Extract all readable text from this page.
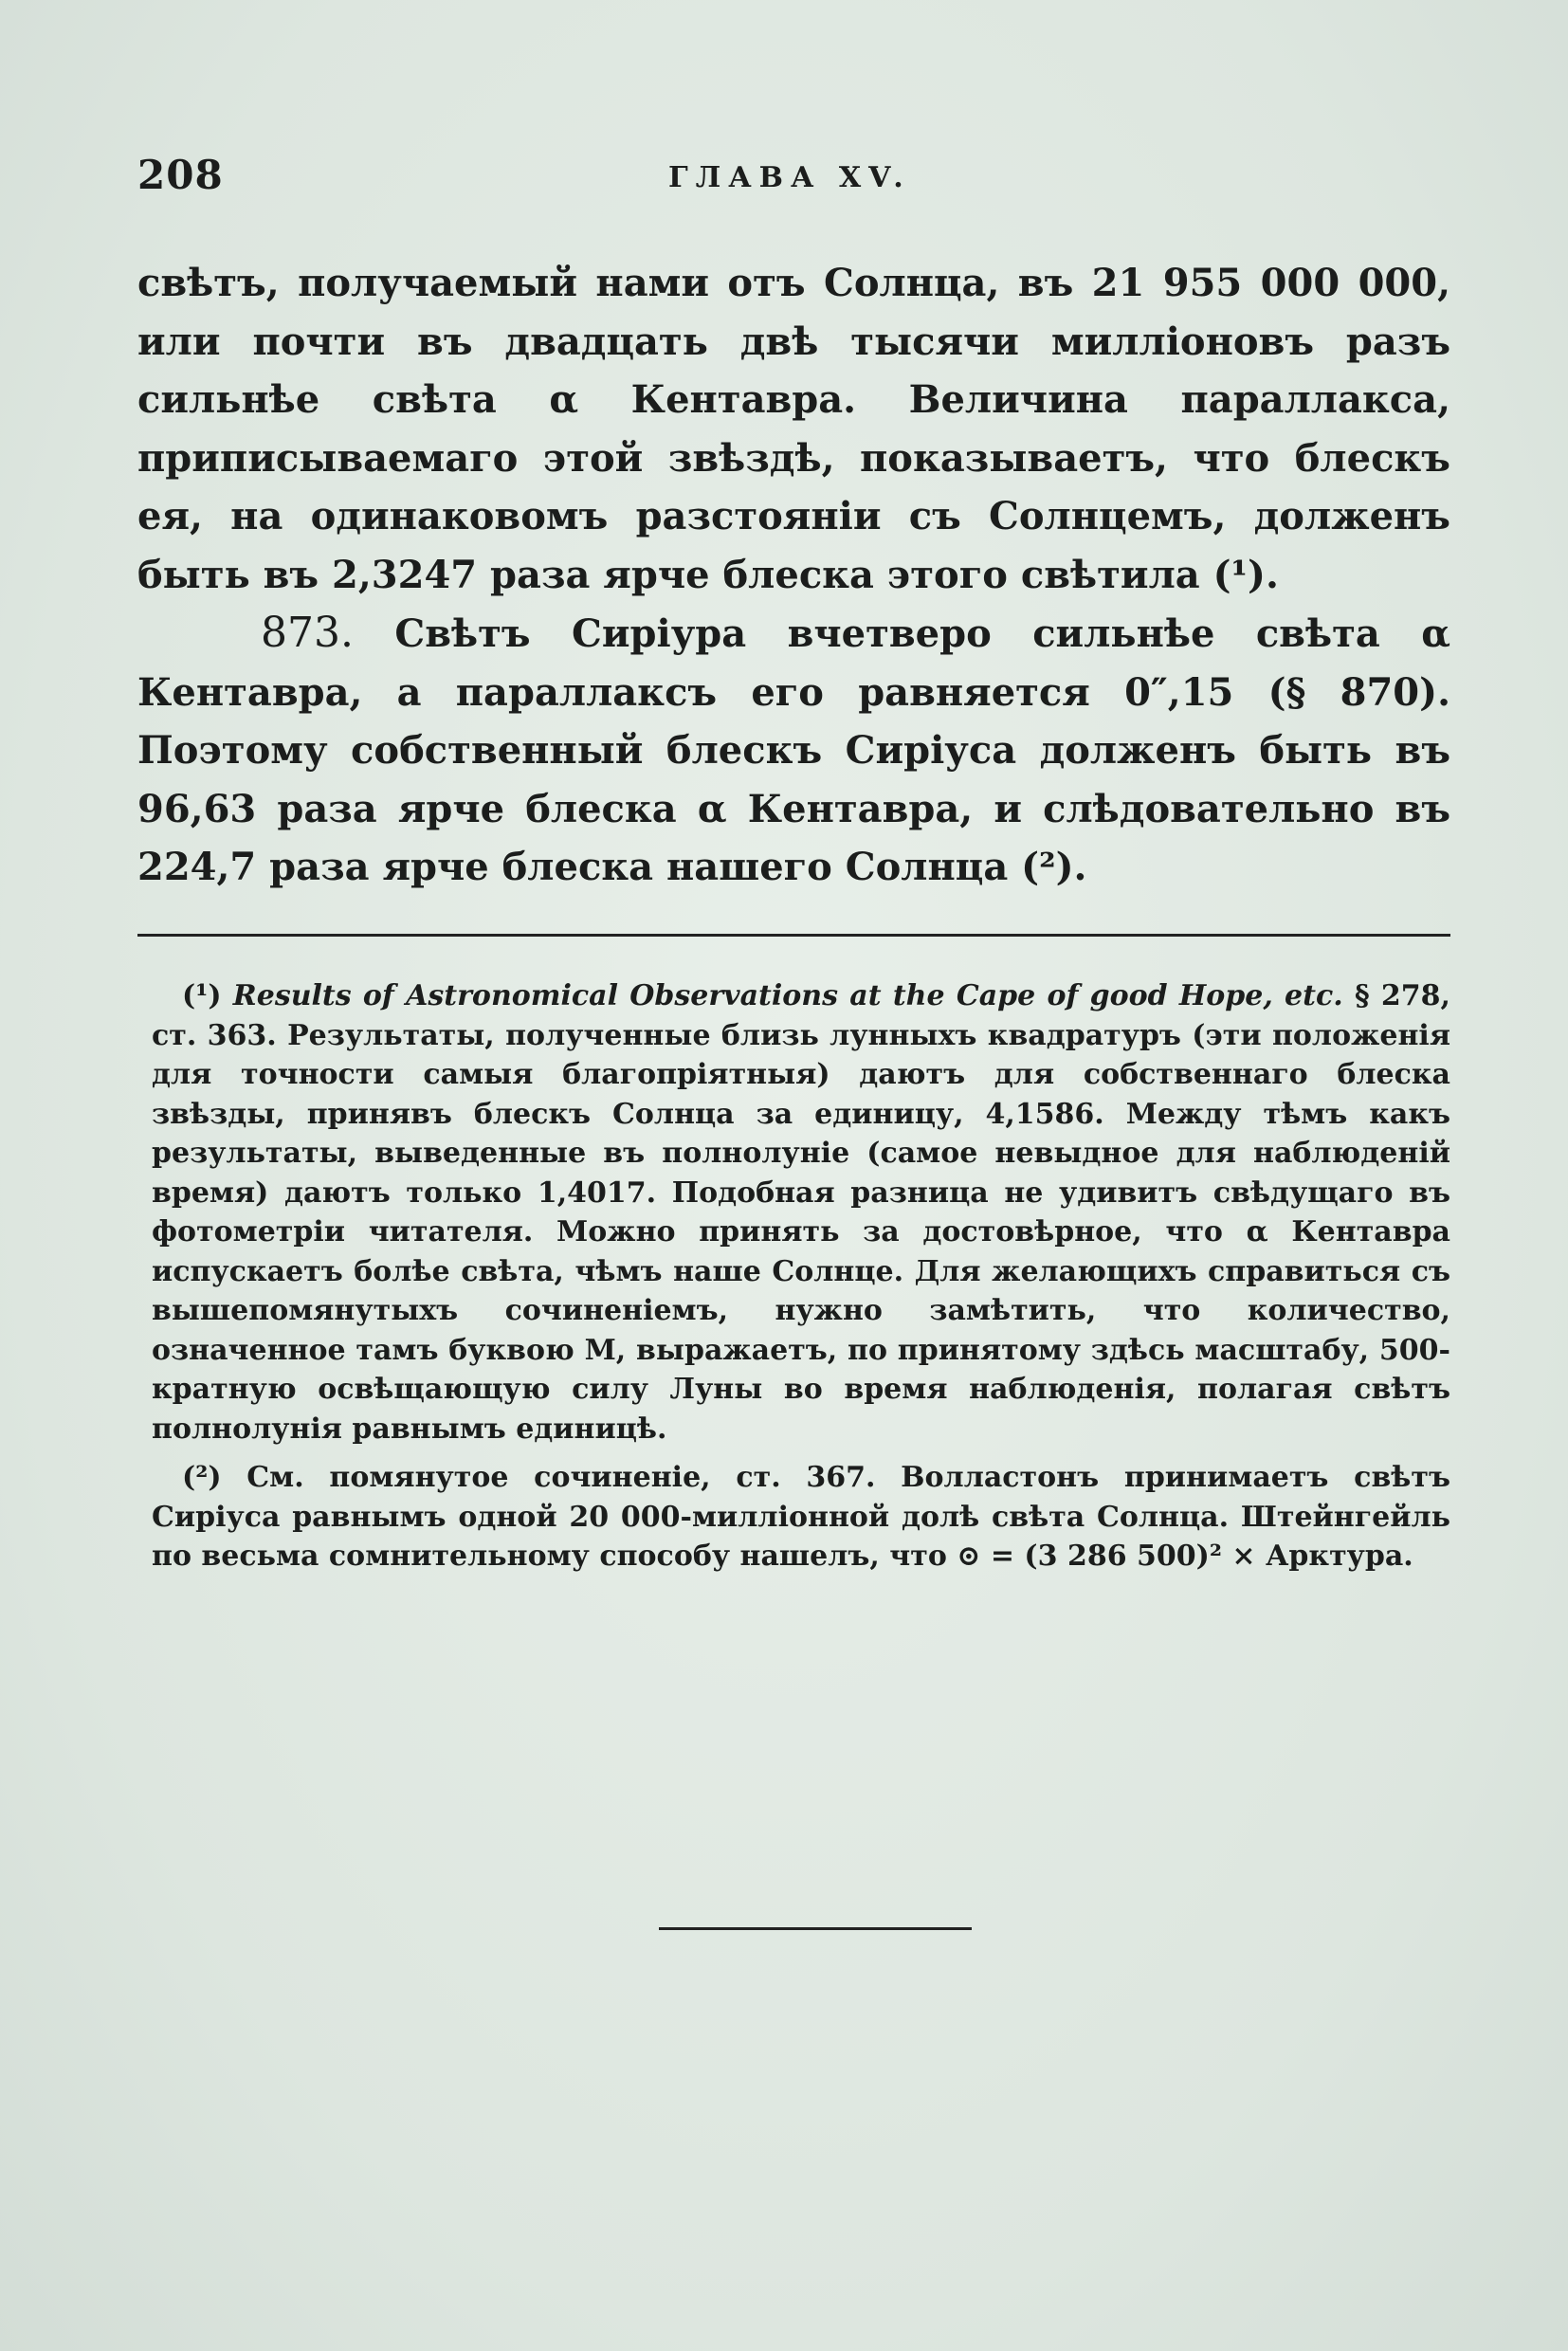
208	ГЛАВА XV.

свѣтъ, получаемый нами отъ Солнца, въ 21 955 000 000, или почти въ двадцать двѣ тысячи милліоновъ разъ сильнѣе свѣта α Кентавра. Величина параллакса, приписываемаго этой звѣздѣ, показываетъ, что блескъ ея, на одинаковомъ разстояніи съ Солнцемъ, долженъ быть въ 2,3247 раза ярче блеска этого свѣтила (¹).

873. Свѣтъ Сиріура вчетверо сильнѣе свѣта α Кентавра, а параллаксъ его равняется 0″,15 (§ 870). Поэтому собственный блескъ Сиріуса долженъ быть въ 96,63 раза ярче блеска α Кентавра, и слѣдовательно въ 224,7 раза ярче блеска нашего Солнца (²).

(¹) Results of Astronomical Observations at the Cape of good Hope, etc. § 278, ст. 363. Результаты, полученные близь лунныхъ квадратуръ (эти положенія для точности самыя благопріятныя) даютъ для собственнаго блеска звѣзды, принявъ блескъ Солнца за единицу, 4,1586. Между тѣмъ какъ результаты, выведенные въ полнолуніе (самое невыдное для наблюденій время) даютъ только 1,4017. Подобная разница не удивитъ свѣдущаго въ фотометріи читателя. Можно принять за достовѣрное, что α Кентавра испускаетъ болѣе свѣта, чѣмъ наше Солнце. Для желающихъ справиться съ вышепомянутыхъ сочиненіемъ, нужно замѣтить, что количество, означенное тамъ буквою M, выражаетъ, по принятому здѣсь масштабу, 500-кратную освѣщающую силу Луны во время наблюденія, полагая свѣтъ полнолунія равнымъ единицѣ.

(²) См. помянутое сочиненіе, ст. 367. Волластонъ принимаетъ свѣтъ Сиріуса равнымъ одной 20 000-милліонной долѣ свѣта Солнца. Штейнгейль по весьма сомнительному способу нашелъ, что ⊙ = (3 286 500)² × Арктура.
